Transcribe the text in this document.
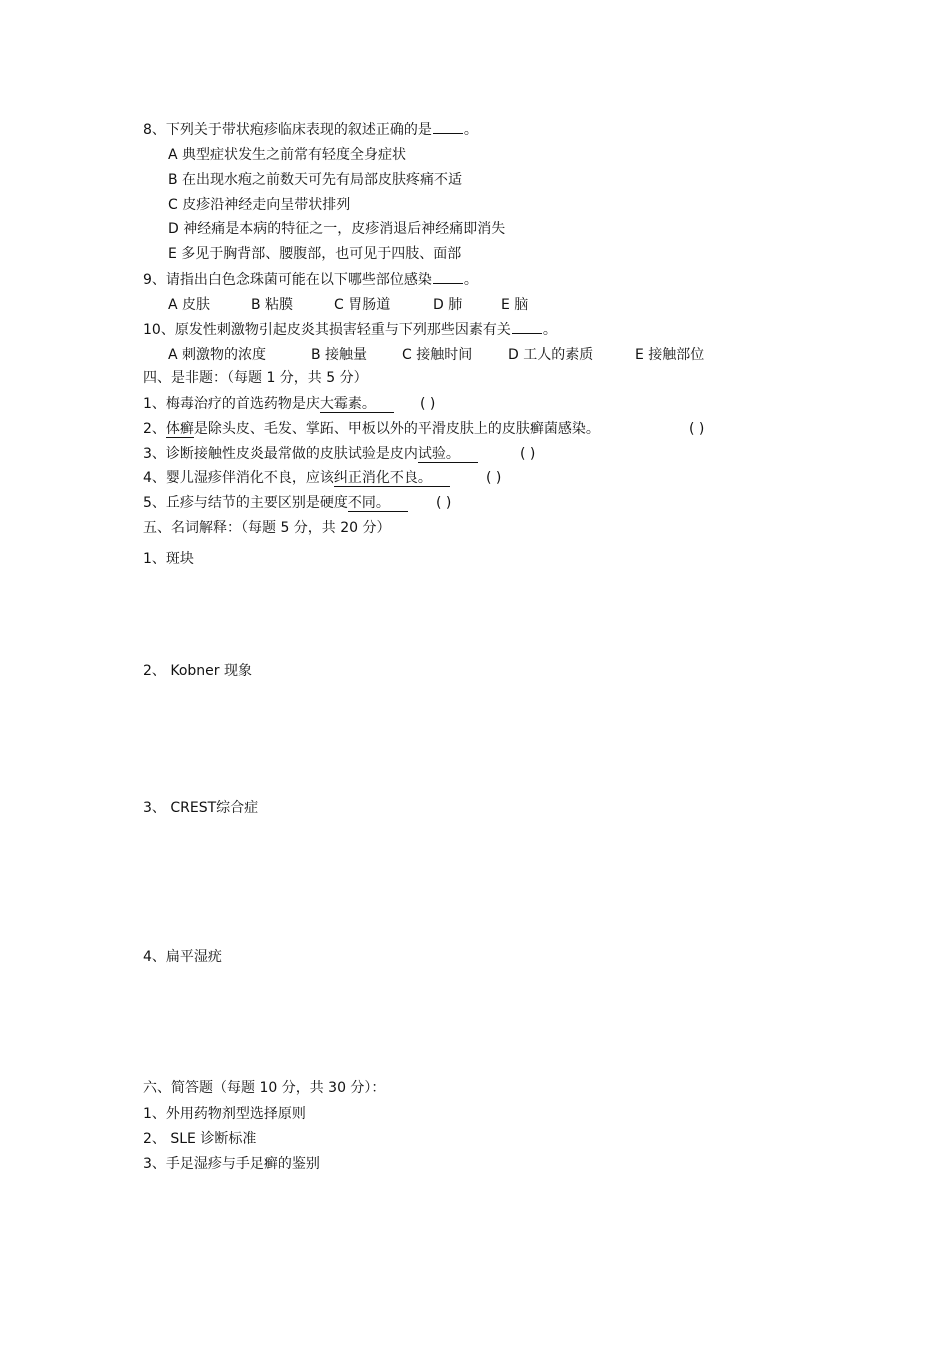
8、下列关于带状疱疹临床表现的叙述正确的是 。
A 典型症状发生之前常有轻度全身症状
B 在出现水疱之前数天可先有局部皮肤疼痛不适
C 皮疹沿神经走向呈带状排列
D 神经痛是本病的特征之一，皮疹消退后神经痛即消失
E 多见于胸背部、腰腹部，也可见于四肢、面部
9、请指出白色念珠菌可能在以下哪些部位感染 。
A 皮肤	B 粘膜	C 胃肠道	D 肺	E 脑
10、原发性刺激物引起皮炎其损害轻重与下列那些因素有关 。
A 刺激物的浓度	B 接触量 C 接触时间	D 工人的素质	E 接触部位
四、是非题：（每题 1 分，共 5 分）
1、梅毒治疗的首选药物是庆大霉素。	( )
2、体癣是除头皮、毛发、掌跖、甲板以外的平滑皮肤上的皮肤癣菌感染。	( )
3、诊断接触性皮炎最常做的皮肤试验是皮内试验。	( )
4、婴儿湿疹伴消化不良，应该纠正消化不良。	( )
5、丘疹与结节的主要区别是硬度不同。	( )
五、名词解释：（每题 5 分，共 20 分）
1、斑块
2、 Kobner 现象
3、 CREST综合症
4、扁平湿疣
六、简答题（每题 10 分，共 30 分）：
1、外用药物剂型选择原则
2、 SLE 诊断标准
3、手足湿疹与手足癣的鉴别
